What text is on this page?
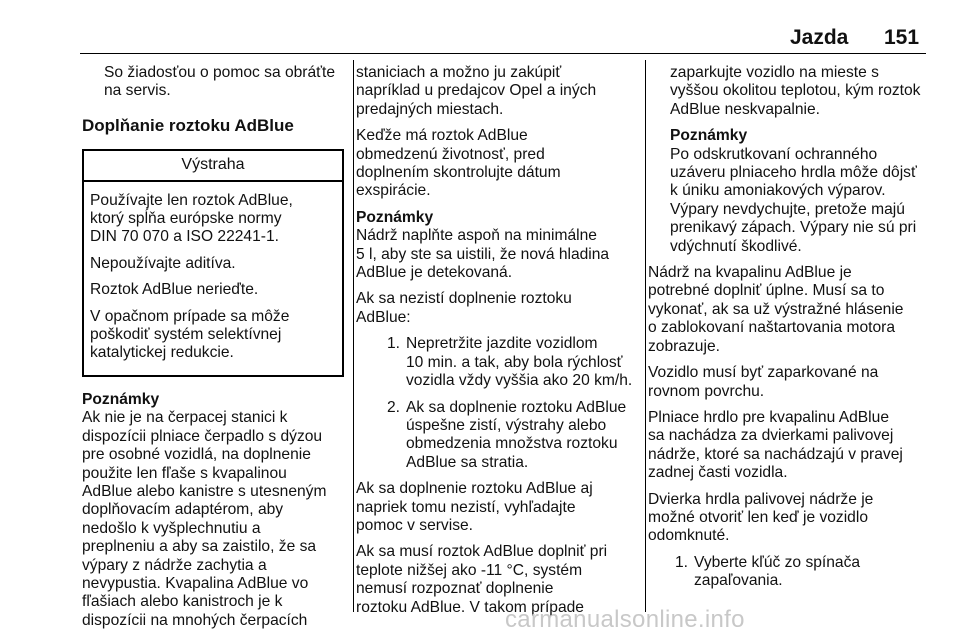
Jazda 151

So žiadosťou o pomoc sa obráťte
na servis.

Doplňanie roztoku AdBlue
Výstraha

Používajte len roztok AdBlue,
ktorý spĺňa európske normy
DIN 70 070 a ISO 22241-1.

Nepoužívajte aditíva.

Roztok AdBlue nerieďte.

V opačnom prípade sa môže
poškodiť systém selektívnej
katalytickej redukcie.

Poznámky

Ak nie je na čerpacej stanici k
dispozícii plniace čerpadlo s dýzou
pre osobné vozidlá, na doplnenie
použite len fľaše s kvapalinou
AdBlue alebo kanistre s utesneným
doplňovacím adaptérom, aby
nedošlo k vyšplechnutiu a
preplneniu a aby sa zaistilo, že sa
výpary z nádrže zachytia a
nevypustia. Kvapalina AdBlue vo
fľašiach alebo kanistroch je k
dispozícii na mnohých čerpacích

staniciach a možno ju zakúpiť
napríklad u predajcov Opel a iných
predajných miestach.

Keďže má roztok AdBlue
obmedzenú životnosť, pred
doplnením skontrolujte dátum
exspirácie.

Poznámky

Nádrž naplňte aspoň na minimálne
5 l, aby ste sa uistili, že nová hladina
AdBlue je detekovaná.

Ak sa nezistí doplnenie roztoku
AdBlue:

1. Nepretržite jazdite vozidlom
10 min. a tak, aby bola rýchlosť
vozidla vždy vyššia ako 20 km/h.
2. Ak sa doplnenie roztoku AdBlue
úspešne zistí, výstrahy alebo
obmedzenia množstva roztoku
AdBlue sa stratia.

Ak sa doplnenie roztoku AdBlue aj
napriek tomu nezistí, vyhľadajte
pomoc v servise.

Ak sa musí roztok AdBlue doplniť pri
teplote nižšej ako -11 °C, systém
nemusí rozpoznať doplnenie
roztoku AdBlue. V takom prípade

zaparkujte vozidlo na mieste s
vyššou okolitou teplotou, kým roztok
AdBlue neskvapalnie.

Poznámky

Po odskrutkovaní ochranného
uzáveru plniaceho hrdla môže dôjsť
k úniku amoniakových výparov.
Výpary nevdychujte, pretože majú
prenikavý zápach. Výpary nie sú pri
vdýchnutí škodlivé.

Nádrž na kvapalinu AdBlue je
potrebné doplniť úplne. Musí sa to
vykonať, ak sa už výstražné hlásenie
o zablokovaní naštartovania motora
zobrazuje.

Vozidlo musí byť zaparkované na
rovnom povrchu.

Plniace hrdlo pre kvapalinu AdBlue
sa nachádza za dvierkami palivovej
nádrže, ktoré sa nachádzajú v pravej
zadnej časti vozidla.

Dvierka hrdla palivovej nádrže je
možné otvoriť len keď je vozidlo
odomknuté.

1. Vyberte kľúč zo spínača
zapaľovania.
carmanualsonline.info
